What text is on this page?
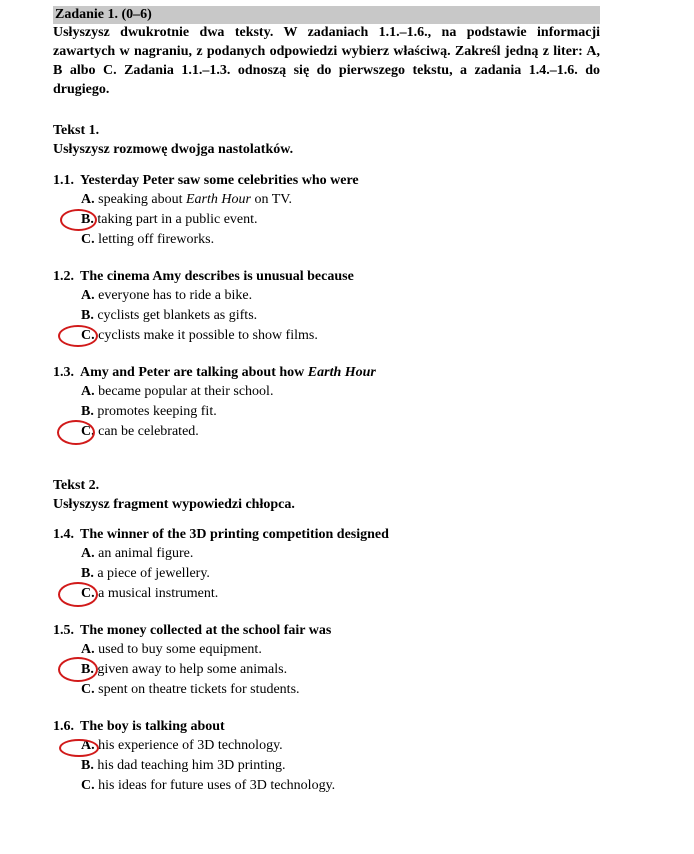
Zadanie 1. (0–6)
Usłyszysz dwukrotnie dwa teksty. W zadaniach 1.1.–1.6., na podstawie informacji zawartych w nagraniu, z podanych odpowiedzi wybierz właściwą. Zakreśl jedną z liter: A, B albo C. Zadania 1.1.–1.3. odnoszą się do pierwszego tekstu, a zadania 1.4.–1.6. do drugiego.
Tekst 1.
Usłyszysz rozmowę dwojga nastolatków.
1.1. Yesterday Peter saw some celebrities who were
A. speaking about Earth Hour on TV.
B. taking part in a public event.
C. letting off fireworks.
1.2. The cinema Amy describes is unusual because
A. everyone has to ride a bike.
B. cyclists get blankets as gifts.
C. cyclists make it possible to show films.
1.3. Amy and Peter are talking about how Earth Hour
A. became popular at their school.
B. promotes keeping fit.
C. can be celebrated.
Tekst 2.
Usłyszysz fragment wypowiedzi chłopca.
1.4. The winner of the 3D printing competition designed
A. an animal figure.
B. a piece of jewellery.
C. a musical instrument.
1.5. The money collected at the school fair was
A. used to buy some equipment.
B. given away to help some animals.
C. spent on theatre tickets for students.
1.6. The boy is talking about
A. his experience of 3D technology.
B. his dad teaching him 3D printing.
C. his ideas for future uses of 3D technology.
